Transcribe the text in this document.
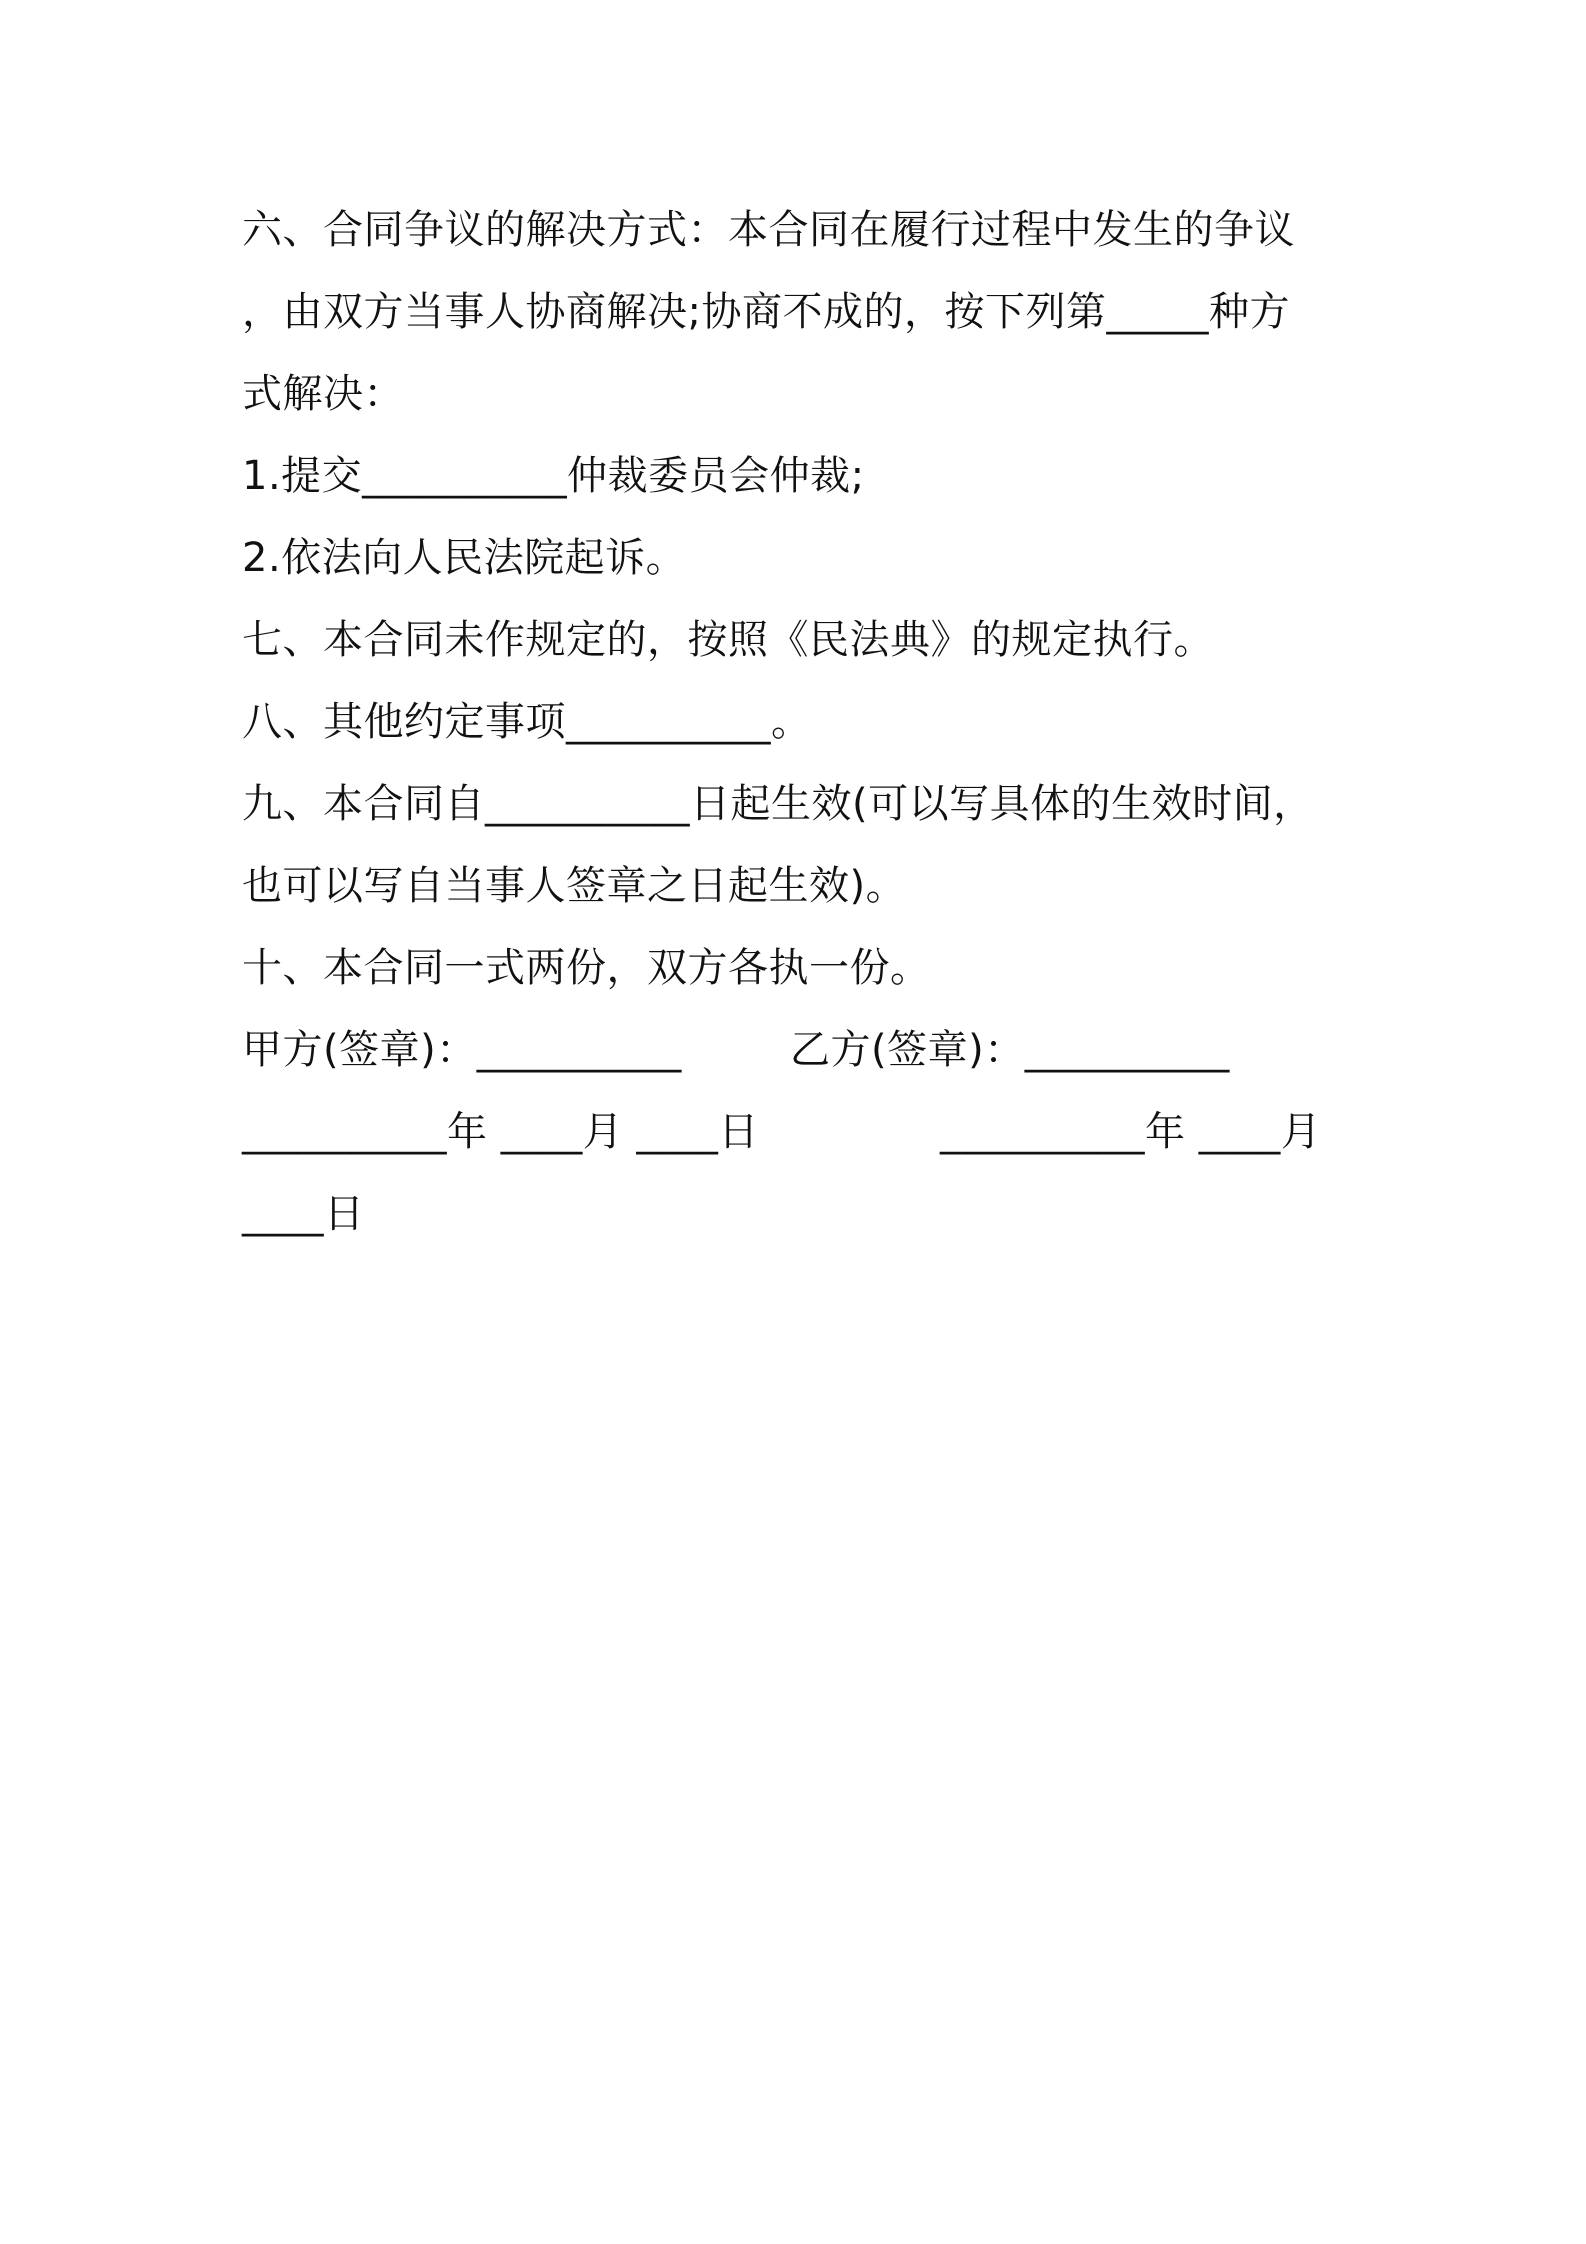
六、合同争议的解决方式：本合同在履行过程中发生的争议
，由双方当事人协商解决;协商不成的，按下列第_____种方
式解决：
1.提交__________仲裁委员会仲裁;
2.依法向人民法院起诉。
七、本合同未作规定的，按照《民法典》的规定执行。
八、其他约定事项__________。
九、本合同自__________日起生效(可以写具体的生效时间，
也可以写自当事人签章之日起生效)。
十、本合同一式两份，双方各执一份。
甲方(签章)：__________	乙方(签章)：__________
__________年 ____月 ____日	__________年 ____月
____日
